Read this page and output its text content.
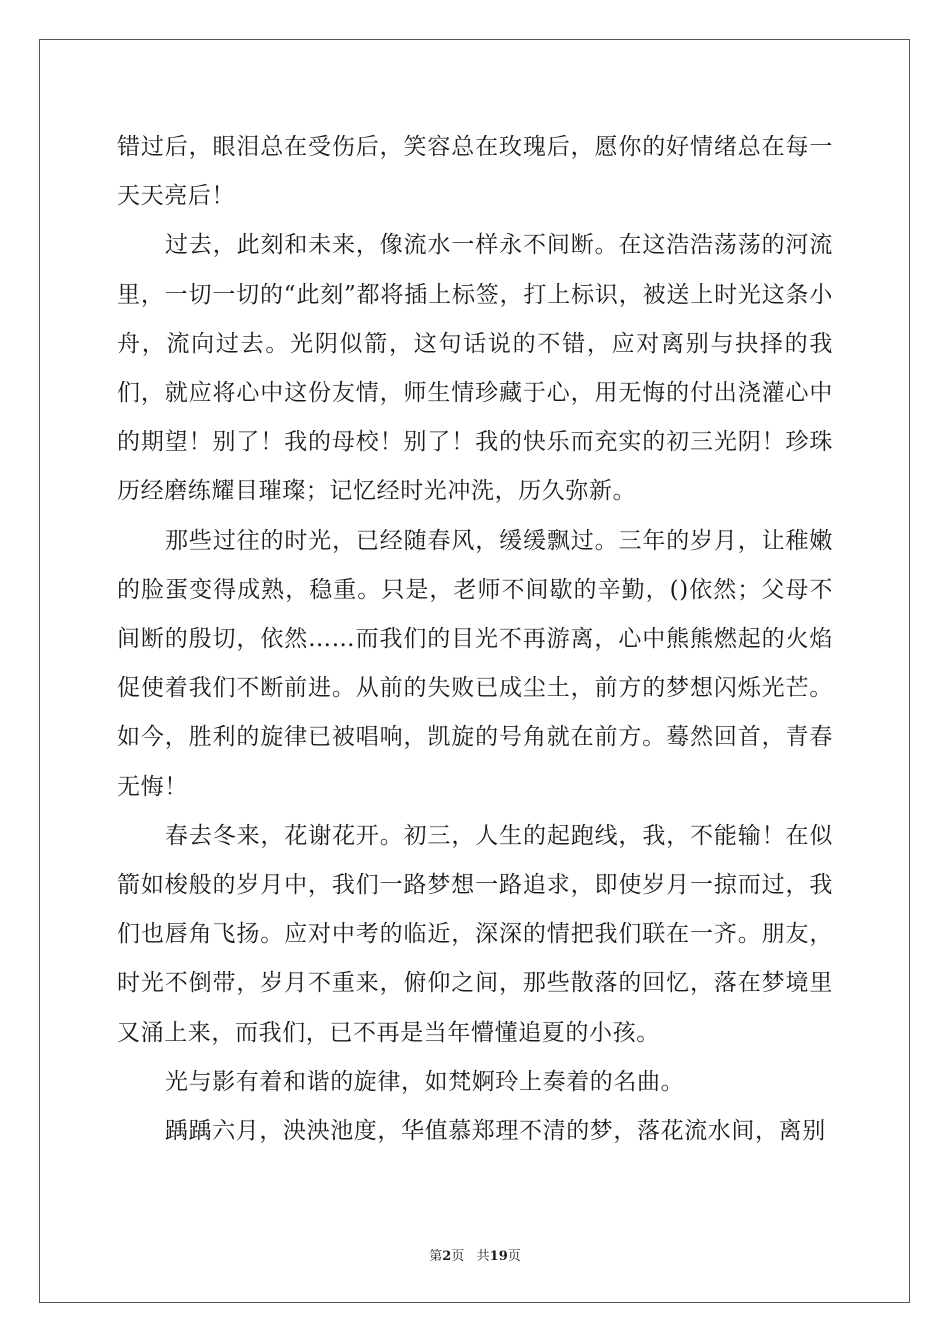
错过后，眼泪总在受伤后，笑容总在玫瑰后，愿你的好情绪总在每一天天亮后！

过去，此刻和未来，像流水一样永不间断。在这浩浩荡荡的河流里，一切一切的“此刻”都将插上标签，打上标识，被送上时光这条小舟，流向过去。光阴似箭，这句话说的不错，应对离别与抉择的我们，就应将心中这份友情，师生情珍藏于心，用无悔的付出浇灌心中的期望！别了！我的母校！别了！我的快乐而充实的初三光阴！珍珠历经磨练耀目璀璨；记忆经时光冲洗，历久弥新。

那些过往的时光，已经随春风，缓缓飘过。三年的岁月，让稚嫩的脸蛋变得成熟，稳重。只是，老师不间歇的辛勤，()依然；父母不间断的殷切，依然……而我们的目光不再游离，心中熊熊燃起的火焰促使着我们不断前进。从前的失败已成尘土，前方的梦想闪烁光芒。如今，胜利的旋律已被唱响，凯旋的号角就在前方。蓦然回首，青春无悔！

春去冬来，花谢花开。初三，人生的起跑线，我，不能输！在似箭如梭般的岁月中，我们一路梦想一路追求，即使岁月一掠而过，我们也唇角飞扬。应对中考的临近，深深的情把我们联在一齐。朋友，时光不倒带，岁月不重来，俯仰之间，那些散落的回忆，落在梦境里又涌上来，而我们，已不再是当年懵懂追夏的小孩。

光与影有着和谐的旋律，如梵婀玲上奏着的名曲。

踽踽六月，泱泱池度，华值慕郑理不清的梦，落花流水间，离别

第2页   共19页
